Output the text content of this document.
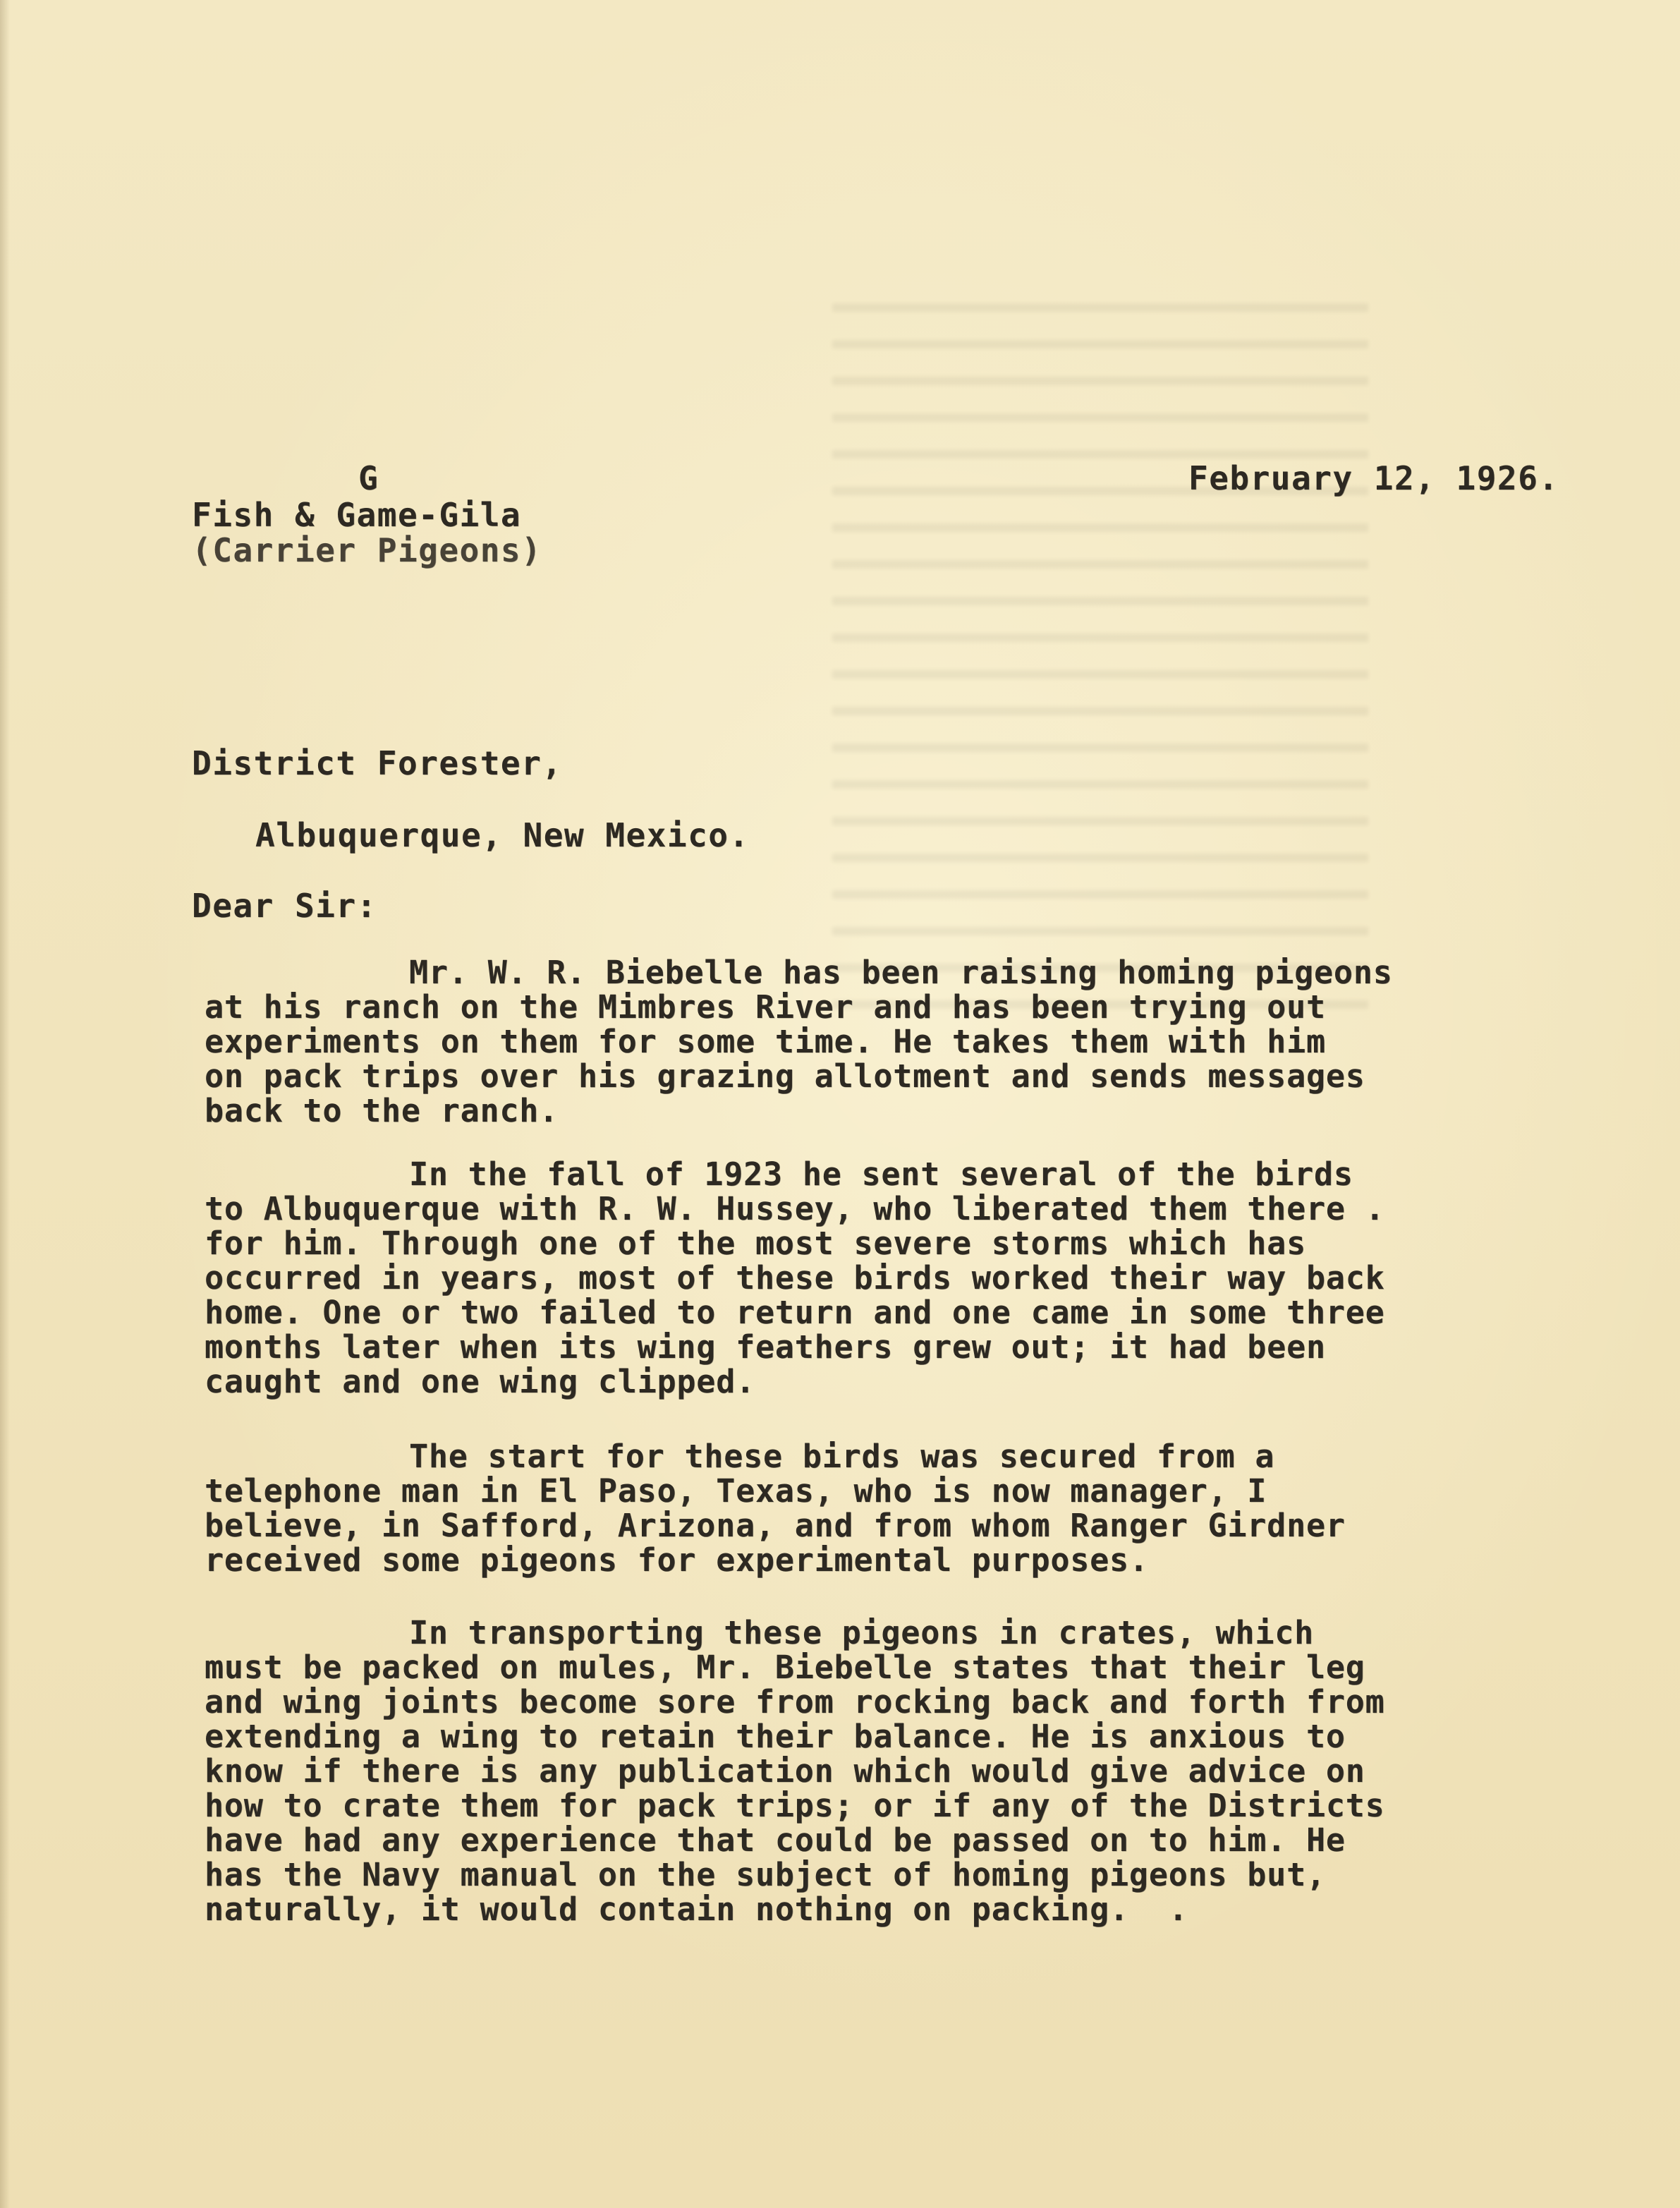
G
Fish & Game-Gila
(Carrier Pigeons)
February 12, 1926.
District Forester,
Albuquerque, New Mexico.
Dear Sir:
Mr. W. R. Biebelle has been raising homing pigeons
at his ranch on the Mimbres River and has been trying out
experiments on them for some time. He takes them with him
on pack trips over his grazing allotment and sends messages
back to the ranch.
In the fall of 1923 he sent several of the birds
to Albuquerque with R. W. Hussey, who liberated them there .
for him. Through one of the most severe storms which has
occurred in years, most of these birds worked their way back
home. One or two failed to return and one came in some three
months later when its wing feathers grew out; it had been
caught and one wing clipped.
The start for these birds was secured from a
telephone man in El Paso, Texas, who is now manager, I
believe, in Safford, Arizona, and from whom Ranger Girdner
received some pigeons for experimental purposes.
In transporting these pigeons in crates, which
must be packed on mules, Mr. Biebelle states that their leg
and wing joints become sore from rocking back and forth from
extending a wing to retain their balance. He is anxious to
know if there is any publication which would give advice on
how to crate them for pack trips; or if any of the Districts
have had any experience that could be passed on to him. He
has the Navy manual on the subject of homing pigeons but,
naturally, it would contain nothing on packing.  .
